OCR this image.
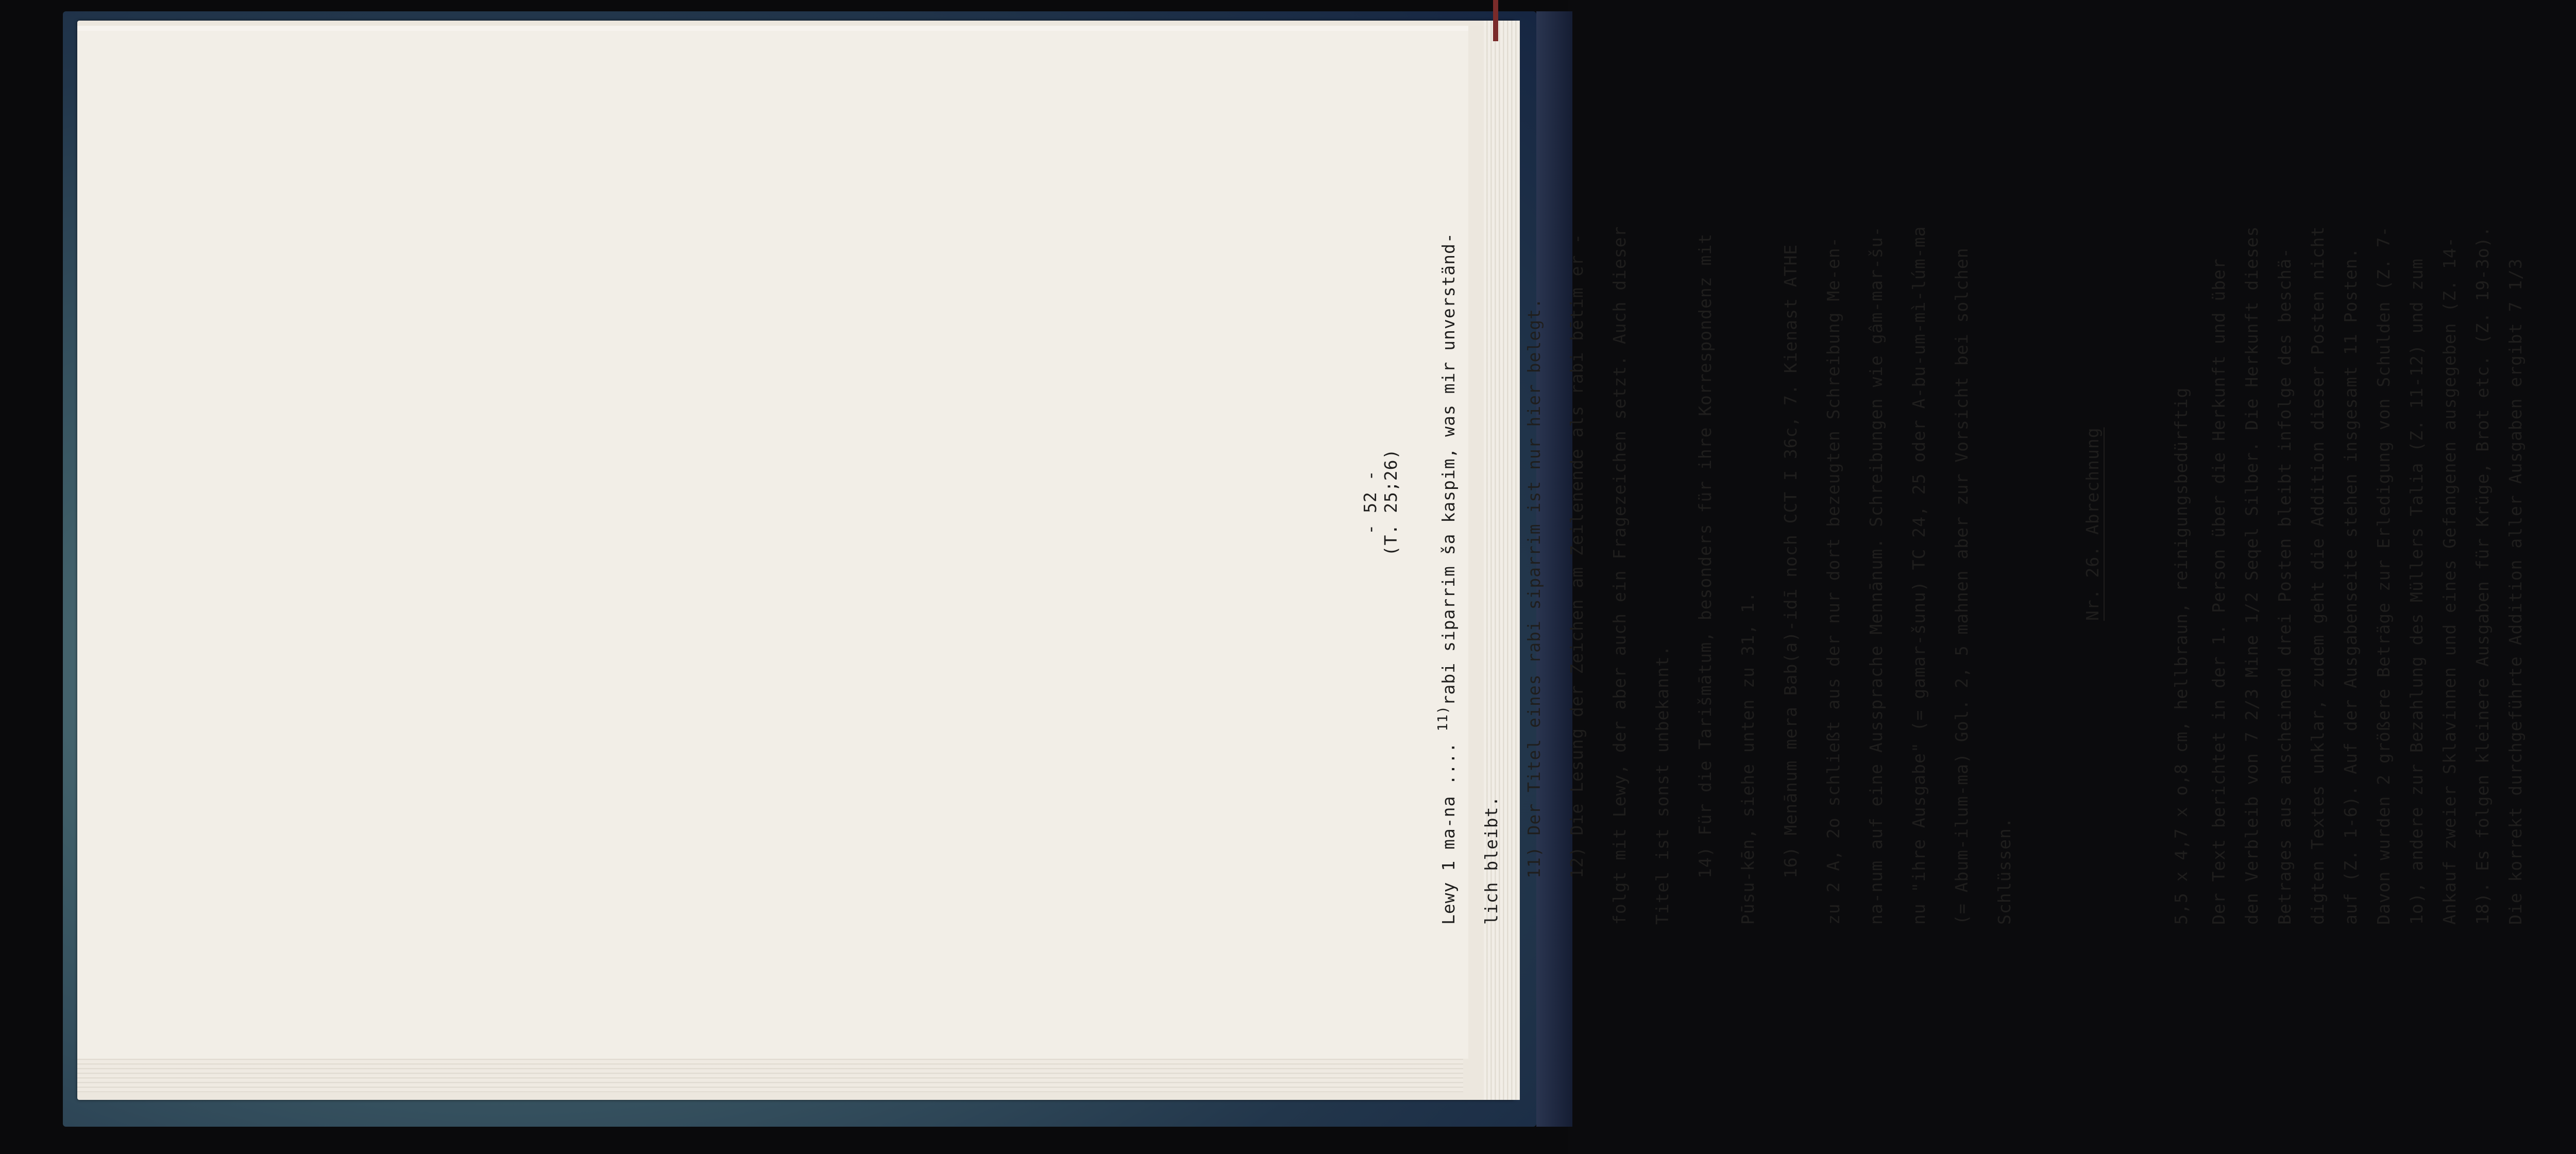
- 52 - (T. 25;26)
Lewy 1 ma-na .... $^{11)}$rabi siparrim ša kaspim, was mir unverständ-
lich bleibt.	11) Der Titel eines rabi siparrim ist nur hier belegt.	12) Die Lesung der Zeichen am Zeilenende als rabi bētim er -	folgt mit Lewy, der aber auch ein Fragezeichen setzt. Auch dieser	Titel ist sonst unbekannt.	14) Für die Tarišmātum, besonders für ihre Korrespondenz mit	Pūsu-kēn, siehe unten zu 31, 1.	16) Menānum mera Bab(a)-idī noch CCT I 36c, 7. Kienast ATHE	zu 2 A, 2o schließt aus der nur dort bezeugten Schreibung Me-en-	na-num auf eine Aussprache Mennānum. Schreibungen wie gâm-mar-šu-	nu "ihre Ausgabe" (= gamar-šunu) TC 24, 25 oder A-bu-um-mì-lúm-ma	(= Abum-ilum-ma) Gol. 2, 5 mahnen aber zur Vorsicht bei solchen	Schlüssen.
Nr. 26. Abrechnung	5,5 x 4,7 x o,8 cm, hellbraun, reinigungsbedürftig	Der Text berichtet in der 1. Person über die Herkunft und über den Verbleib von 7 2/3 Mine 1/2 Seqel Silber. Die Herkunft dieses Betrages aus anscheinend drei Posten bleibt infolge des beschä- digten Textes unklar, zudem geht die Addition dieser Posten nicht auf (Z. 1-6). Auf der Ausgabenseite stehen insgesamt 11 Posten. Davon wurden 2 größere Beträge zur Erledigung von Schulden (Z. 7- 1o), andere zur Bezahlung des Müllers Talia (Z. 11-12) und zum Ankauf zweier Sklavinnen und eines Gefangenen ausgegeben (Z. 14- 18). Es folgen kleinere Ausgaben für Krüge, Brot etc. (Z. 19-3o). Die korrekt durchgeführte Addition aller Ausgaben ergibt 7 1/3
